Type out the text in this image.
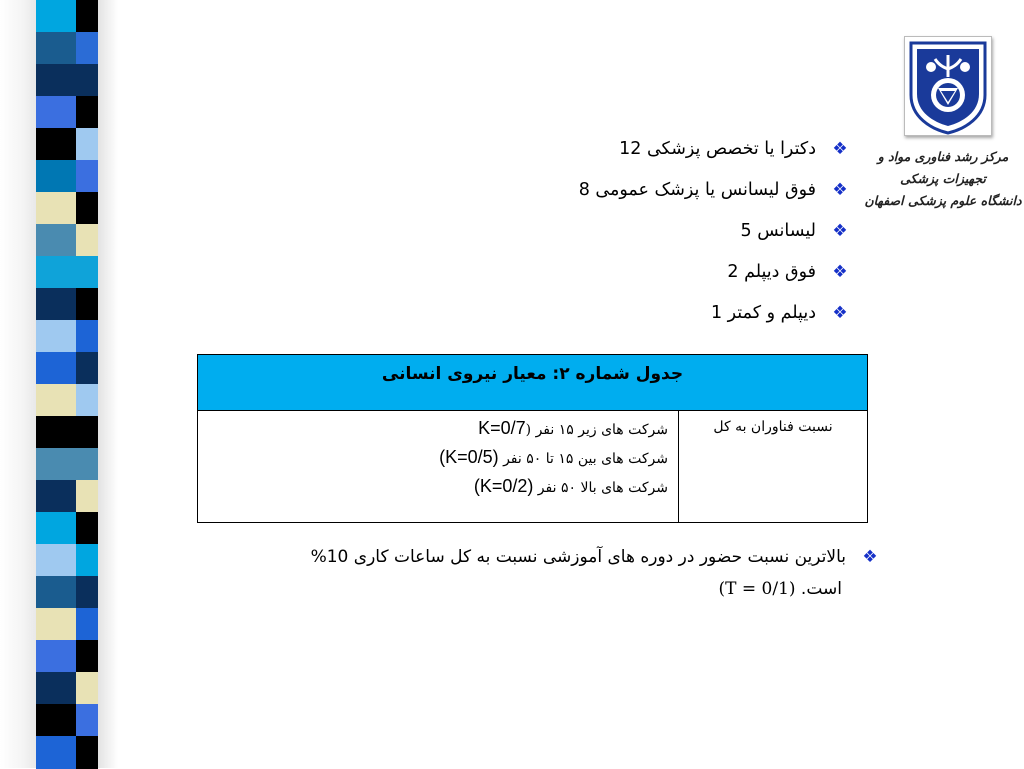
مرکز رشد فناوری مواد و تجهیزات پزشکی
دانشگاه علوم پزشکی اصفهان
❖
دکترا یا تخصص پزشکی 12
❖
فوق لیسانس یا پزشک عمومی 8
❖
لیسانس 5
❖
فوق دیپلم 2
❖
دیپلم و کمتر 1
جدول شماره ۲: معیار نیروی انسانی
نسبت فناوران به کل
شرکت های زیر ۱۵ نفر (K=0/7
شرکت های بین ۱۵ تا ۵۰ نفر (K=0/5)
شرکت های بالا ۵۰ نفر (K=0/2)
❖
بالاترین نسبت حضور در دوره های آموزشی نسبت به کل ساعات کاری 10%
است. (T = 0/1)
